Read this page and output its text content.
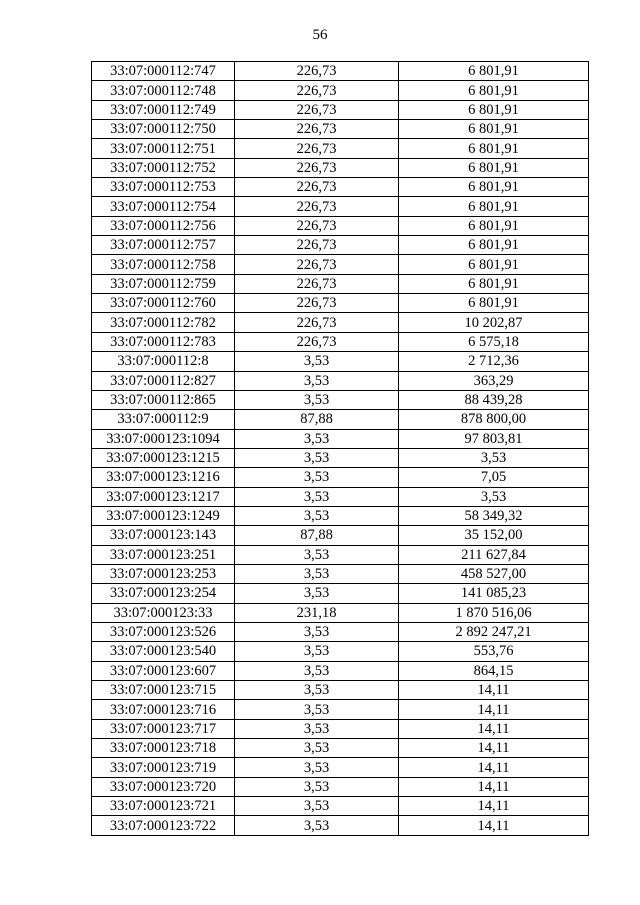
56
33:07:000112:747	226,73	6 801,91
33:07:000112:748	226,73	6 801,91
33:07:000112:749	226,73	6 801,91
33:07:000112:750	226,73	6 801,91
33:07:000112:751	226,73	6 801,91
33:07:000112:752	226,73	6 801,91
33:07:000112:753	226,73	6 801,91
33:07:000112:754	226,73	6 801,91
33:07:000112:756	226,73	6 801,91
33:07:000112:757	226,73	6 801,91
33:07:000112:758	226,73	6 801,91
33:07:000112:759	226,73	6 801,91
33:07:000112:760	226,73	6 801,91
33:07:000112:782	226,73	10 202,87
33:07:000112:783	226,73	6 575,18
33:07:000112:8	3,53	2 712,36
33:07:000112:827	3,53	363,29
33:07:000112:865	3,53	88 439,28
33:07:000112:9	87,88	878 800,00
33:07:000123:1094	3,53	97 803,81
33:07:000123:1215	3,53	3,53
33:07:000123:1216	3,53	7,05
33:07:000123:1217	3,53	3,53
33:07:000123:1249	3,53	58 349,32
33:07:000123:143	87,88	35 152,00
33:07:000123:251	3,53	211 627,84
33:07:000123:253	3,53	458 527,00
33:07:000123:254	3,53	141 085,23
33:07:000123:33	231,18	1 870 516,06
33:07:000123:526	3,53	2 892 247,21
33:07:000123:540	3,53	553,76
33:07:000123:607	3,53	864,15
33:07:000123:715	3,53	14,11
33:07:000123:716	3,53	14,11
33:07:000123:717	3,53	14,11
33:07:000123:718	3,53	14,11
33:07:000123:719	3,53	14,11
33:07:000123:720	3,53	14,11
33:07:000123:721	3,53	14,11
33:07:000123:722	3,53	14,11
